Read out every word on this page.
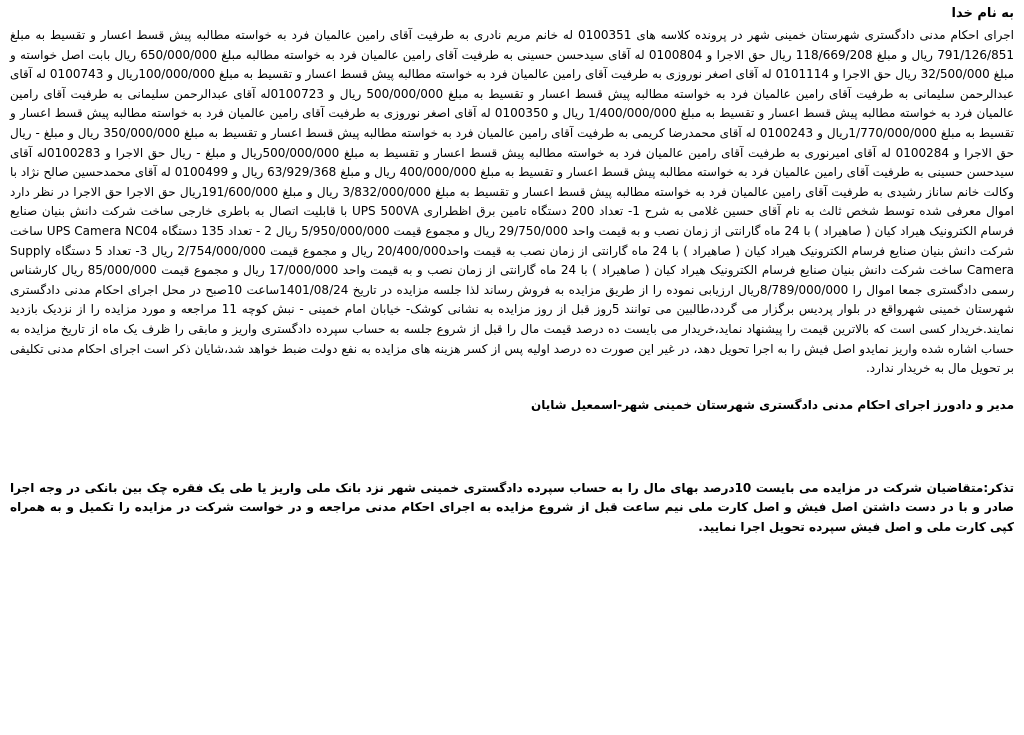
به نام خدا

اجرای احکام مدنی دادگستری شهرستان خمینی شهر در پرونده کلاسه های 0100351 له خانم مریم نادری به طرفیت آقای رامین عالمیان فرد به خواسته مطالبه پیش قسط اعسار و تقسیط به مبلغ 791/126/851 ریال و مبلغ 118/669/208 ریال حق الاجرا و 0100804 له آقای سیدحسن حسینی به طرفیت آقای رامین عالمیان فرد به خواسته مطالبه مبلغ 650/000/000 ریال بابت اصل خواسته و مبلغ 32/500/000 ریال حق الاجرا و 0101114 له آقای اصغر نوروزی به طرفیت آقای رامین عالمیان فرد به خواسته مطالبه پیش قسط اعسار و تقسیط به مبلغ 100/000/000ریال و 0100743 له آقای عبدالرحمن سلیمانی به طرفیت آقای رامین عالمیان فرد به خواسته مطالبه پیش قسط اعسار و تقسیط به مبلغ 500/000/000 ریال و 0100723له آقای عبدالرحمن سلیمانی به طرفیت آقای رامین عالمیان فرد به خواسته مطالبه پیش قسط اعسار و تقسیط به مبلغ 1/400/000/000 ریال و 0100350 له آقای اصغر نوروزی به طرفیت آقای رامین عالمیان فرد به خواسته مطالبه پیش قسط اعسار و تقسیط به مبلغ 1/770/000/000ریال و 0100243 له آقای محمدرضا کریمی به طرفیت آقای رامین عالمیان فرد به خواسته مطالبه پیش قسط اعسار و تقسیط به مبلغ 350/000/000 ریال و مبلغ - ریال حق الاجرا و 0100284 له آقای امیرنوری به طرفیت آقای رامین عالمیان فرد به خواسته مطالبه پیش قسط اعسار و تقسیط به مبلغ 500/000/000ریال و مبلغ - ریال حق الاجرا و 0100283له آقای سیدحسن حسینی به طرفیت آقای رامین عالمیان فرد به خواسته مطالبه پیش قسط اعسار و تقسیط به مبلغ 400/000/000 ریال و مبلغ 63/929/368 ریال و 0100499 له آقای محمدحسین صالح نژاد با وکالت خانم ساناز رشیدی به طرفیت آقای رامین عالمیان فرد به خواسته مطالبه پیش قسط اعسار و تقسیط به مبلغ 3/832/000/000 ریال و مبلغ 191/600/000ریال حق الاجرا حق الاجرا در نظر دارد اموال معرفی شده توسط شخص ثالث به نام آقای حسین غلامی به شرح 1- تعداد 200 دستگاه تامین برق اظطراری UPS 500VA با قابلیت اتصال به باطری خارجی ساخت شرکت دانش بنیان صنایع فرسام الکترونیک هیراد کیان ( صاهیراد ) با 24 ماه گارانتی از زمان نصب و به قیمت واحد 29/750/000 ریال و مجموع قیمت 5/950/000/000 ریال 2 - تعداد 135 دستگاه UPS Camera NC04 ساخت شرکت دانش بنیان صنایع فرسام الکترونیک هیراد کیان ( صاهیراد ) با 24 ماه گارانتی از زمان نصب به قیمت واحد20/400/000 ریال و مجموع قیمت 2/754/000/000 ریال 3- تعداد 5 دستگاه Supply Camera ساخت شرکت دانش بنیان صنایع فرسام الکترونیک هیراد کیان ( صاهیراد ) با 24 ماه گارانتی از زمان نصب و به قیمت واحد 17/000/000 ریال و مجموع قیمت 85/000/000 ریال کارشناس رسمی دادگستری جمعا اموال را 8/789/000/000ریال ارزیابی نموده را از طریق مزایده به فروش رساند لذا جلسه مزایده در تاریخ 1401/08/24ساعت 10صبح در محل اجرای احکام مدنی دادگستری شهرستان خمینی شهرواقع در بلوار پردیس برگزار می گردد،طالبین می توانند 5روز قبل از روز مزایده به نشانی کوشک- خیابان امام خمینی - نبش کوچه 11 مراجعه و مورد مزایده را از نزدیک بازدید نمایند.خریدار کسی است که بالاترین قیمت را پیشنهاد نماید،خریدار می بایست ده درصد قیمت مال را قبل از شروع جلسه به حساب سپرده دادگستری واریز و مابقی را ظرف یک ماه از تاریخ مزایده به حساب اشاره شده واریز نمایدو اصل فیش را به اجرا تحویل دهد، در غیر این صورت ده درصد اولیه پس از کسر هزینه های مزایده به نفع دولت ضبط خواهد شد،شایان ذکر است اجرای احکام مدنی تکلیفی بر تحویل مال به خریدار ندارد.

مدیر و دادورز اجرای احکام مدنی دادگستری شهرستان خمینی شهر-اسمعیل شایان

تذکر:متقاضیان شرکت در مزایده می بایست 10درصد بهای مال را به حساب سپرده دادگستری خمینی شهر نزد بانک ملی واریز یا طی یک فقره چک بین بانکی در وجه اجرا صادر و با در دست داشتن اصل فیش و اصل کارت ملی نیم ساعت قبل از شروع مزایده به اجرای احکام مدنی مراجعه و در خواست شرکت در مزایده را تکمیل و به همراه کپی کارت ملی و اصل فیش سپرده تحویل اجرا نمایید.
